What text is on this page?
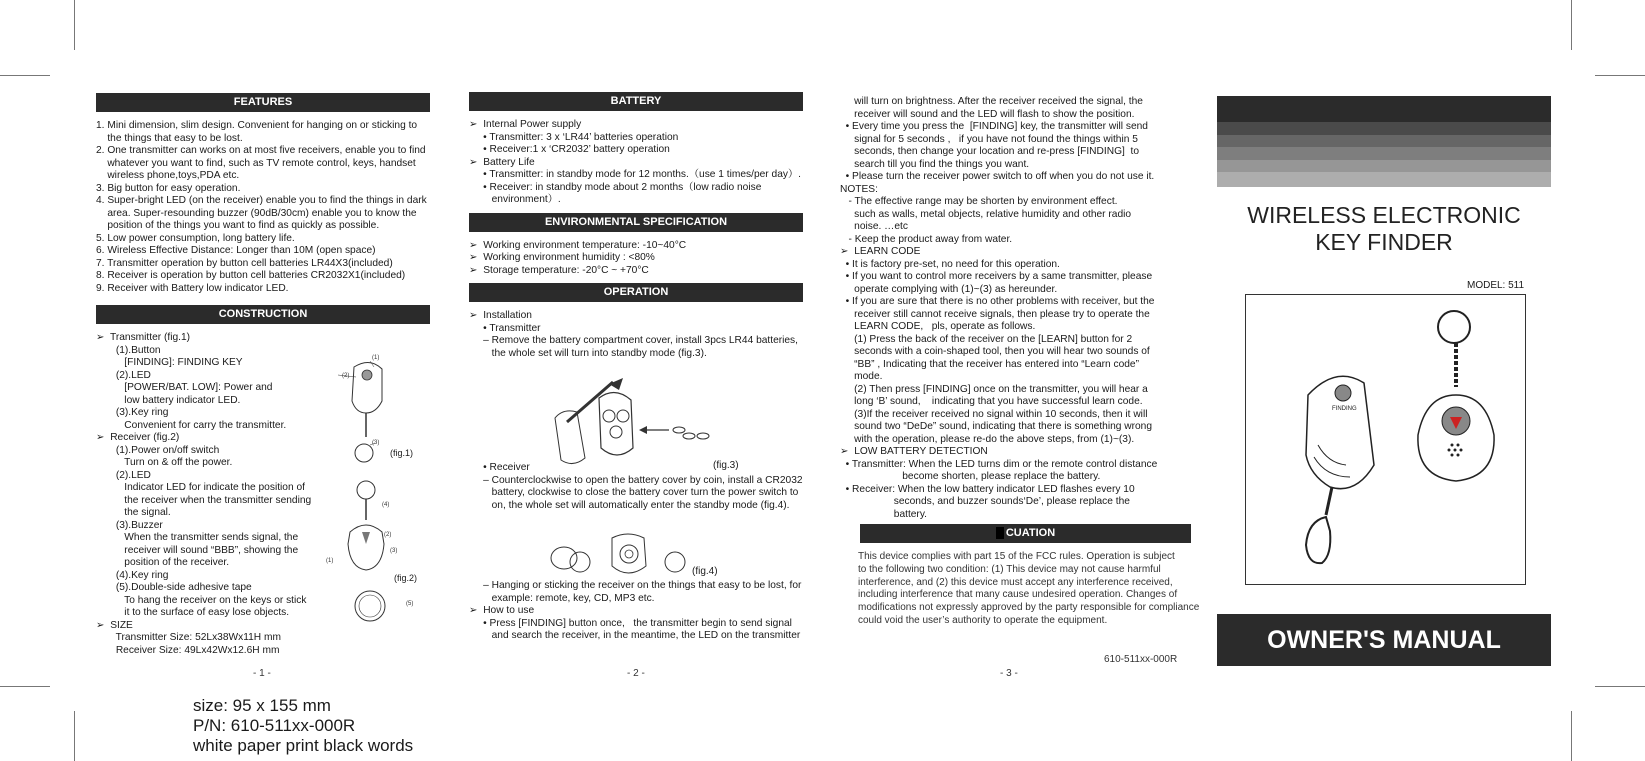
FEATURES
1. Mini dimension, slim design. Convenient for hanging on or sticking to
the things that easy to be lost.
2. One transmitter can works on at most five receivers, enable you to find
whatever you want to find, such as TV remote control, keys, handset
wireless phone,toys,PDA etc.
3. Big button for easy operation.
4. Super-bright LED (on the receiver) enable you to find the things in dark
area. Super-resounding buzzer (90dB/30cm) enable you to know the
position of the things you want to find as quickly as possible.
5. Low power consumption, long battery life.
6. Wireless Effective Distance: Longer than 10M (open space)
7. Transmitter operation by button cell batteries LR44X3(included)
8. Receiver is operation by button cell batteries CR2032X1(included)
9. Receiver with Battery low indicator LED.
CONSTRUCTION
➢  Transmitter (fig.1)
(1).Button
[FINDING]: FINDING KEY
(2).LED
[POWER/BAT. LOW]: Power and
low battery indicator LED.
(3).Key ring
Convenient for carry the transmitter.
➢  Receiver (fig.2)
(1).Power on/off switch
Turn on & off the power.
(2).LED
Indicator LED for indicate the position of
the receiver when the transmitter sending
the signal.
(3).Buzzer
When the transmitter sends signal, the
receiver will sound “BBB”, showing the
position of the receiver.
(4).Key ring
(5).Double-side adhesive tape
To hang the receiver on the keys or stick
it to the surface of easy lose objects.
➢  SIZE
Transmitter Size: 52Lx38Wx11H mm
Receiver Size: 49Lx42Wx12.6H mm
(1)
(2)
(3)
(fig.1)
(4)
(2)
(3)
(1)
(5)
(fig.2)
- 1 -
BATTERY
➢  Internal Power supply
• Transmitter: 3 x ‘LR44’ batteries operation
• Receiver:1 x ‘CR2032’ battery operation
➢  Battery Life
• Transmitter: in standby mode for 12 months.（use 1 times/per day）.
• Receiver: in standby mode about 2 months（low radio noise
environment）.
ENVIRONMENTAL SPECIFICATION
➢  Working environment temperature: -10~40°C
➢  Working environment humidity : <80%
➢  Storage temperature: -20°C ~ +70°C
OPERATION
➢  Installation
• Transmitter
– Remove the battery compartment cover, install 3pcs LR44 batteries,
the whole set will turn into standby mode (fig.3).
• Receiver
– Counterclockwise to open the battery cover by coin, install a CR2032
battery, clockwise to close the battery cover turn the power switch to
on, the whole set will automatically enter the standby mode (fig.4).
– Hanging or sticking the receiver on the things that easy to be lost, for
example: remote, key, CD, MP3 etc.
➢  How to use
• Press [FINDING] button once,   the transmitter begin to send signal
and search the receiver, in the meantime, the LED on the transmitter
(fig.3)
(fig.4)
- 2 -
will turn on brightness. After the receiver received the signal, the
receiver will sound and the LED will flash to show the position.
• Every time you press the  [FINDING] key, the transmitter will send
signal for 5 seconds ,   if you have not found the things within 5
seconds, then change your location and re-press [FINDING]  to
search till you find the things you want.
• Please turn the receiver power switch to off when you do not use it.
NOTES:
- The effective range may be shorten by environment effect.
such as walls, metal objects, relative humidity and other radio
noise. …etc
- Keep the product away from water.
➢  LEARN CODE
• It is factory pre-set, no need for this operation.
• If you want to control more receivers by a same transmitter, please
operate complying with (1)~(3) as hereunder.
• If you are sure that there is no other problems with receiver, but the
receiver still cannot receive signals, then please try to operate the
LEARN CODE,   pls, operate as follows.
(1) Press the back of the receiver on the [LEARN] button for 2
seconds with a coin-shaped tool, then you will hear two sounds of
“BB” , Indicating that the receiver has entered into “Learn code”
mode.
(2) Then press [FINDING] once on the transmitter, you will hear a
long ‘B’ sound,    indicating that you have successful learn code.
(3)If the receiver received no signal within 10 seconds, then it will
sound two “DeDe” sound, indicating that there is something wrong
with the operation, please re-do the above steps, from (1)~(3).
➢  LOW BATTERY DETECTION
• Transmitter: When the LED turns dim or the remote control distance
become shorten, please replace the battery.
• Receiver: When the low battery indicator LED flashes every 10
seconds, and buzzer sounds‘De’, please replace the
battery.
CUATION
This device complies with part 15 of the FCC rules. Operation is subject
to the following two condition: (1) This device may not cause harmful
interference, and (2) this device must accept any interference received,
including interference that many cause undesired operation. Changes of
modifications not expressly approved by the party responsible for compliance
could void the user’s authority to operate the equipment.
610-511xx-000R
- 3 -
WIRELESS ELECTRONIC
KEY FINDER
MODEL: 511
FINDING
OWNER'S MANUAL
size: 95 x 155 mm
P/N: 610-511xx-000R
white paper print black words
